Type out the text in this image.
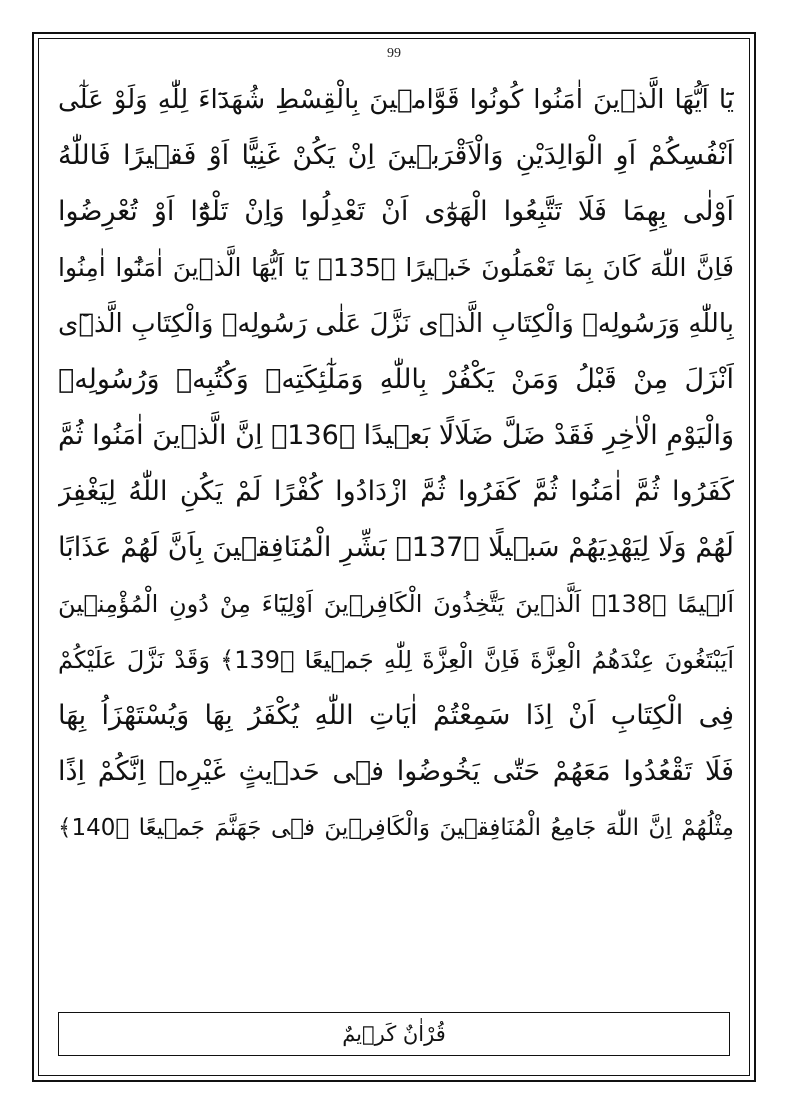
99
يَٓا اَيُّهَا الَّذٖينَ اٰمَنُوا كُونُوا قَوَّامٖينَ بِالْقِسْطِ شُهَدَٓاءَ لِلّٰهِ وَلَوْ عَلٰٓى
اَنْفُسِكُمْ اَوِ الْوَالِدَيْنِ وَالْاَقْرَبٖينَ اِنْ يَكُنْ غَنِيًّا اَوْ فَقٖيرًا فَاللّٰهُ
اَوْلٰى بِهِمَا فَلَا تَتَّبِعُوا الْهَوٰٓى اَنْ تَعْدِلُوا وَاِنْ تَلْوُٓا اَوْ تُعْرِضُوا
فَاِنَّ اللّٰهَ كَانَ بِمَا تَعْمَلُونَ خَبٖيرًا ﴿135﴾ يَٓا اَيُّهَا الَّذٖينَ اٰمَنُٓوا اٰمِنُوا
بِاللّٰهِ وَرَسُولِهٖ وَالْكِتَابِ الَّذٖى نَزَّلَ عَلٰى رَسُولِهٖ وَالْكِتَابِ الَّذٖٓى
اَنْزَلَ مِنْ قَبْلُ وَمَنْ يَكْفُرْ بِاللّٰهِ وَمَلٰٓئِكَتِهٖ وَكُتُبِهٖ وَرُسُولِهٖ
وَالْيَوْمِ الْاٰخِرِ فَقَدْ ضَلَّ ضَلَالًا بَعٖيدًا ﴿136﴾ اِنَّ الَّذٖينَ اٰمَنُوا ثُمَّ
كَفَرُوا ثُمَّ اٰمَنُوا ثُمَّ كَفَرُوا ثُمَّ ازْدَادُوا كُفْرًا لَمْ يَكُنِ اللّٰهُ لِيَغْفِرَ
لَهُمْ وَلَا لِيَهْدِيَهُمْ سَبٖيلًا ﴿137﴾ بَشِّرِ الْمُنَافِقٖينَ بِاَنَّ لَهُمْ عَذَابًا
اَلٖيمًا ﴿138﴾ اَلَّذٖينَ يَتَّخِذُونَ الْكَافِرٖينَ اَوْلِيَٓاءَ مِنْ دُونِ الْمُؤْمِنٖينَ
اَيَبْتَغُونَ عِنْدَهُمُ الْعِزَّةَ فَاِنَّ الْعِزَّةَ لِلّٰهِ جَمٖيعًا ﴿139﴾ وَقَدْ نَزَّلَ عَلَيْكُمْ
فِى الْكِتَابِ اَنْ اِذَا سَمِعْتُمْ اٰيَاتِ اللّٰهِ يُكْفَرُ بِهَا وَيُسْتَهْزَاُ بِهَا
فَلَا تَقْعُدُوا مَعَهُمْ حَتّٰى يَخُوضُوا فٖى حَدٖيثٍ غَيْرِهٖ اِنَّكُمْ اِذًا
مِثْلُهُمْ اِنَّ اللّٰهَ جَامِعُ الْمُنَافِقٖينَ وَالْكَافِرٖينَ فٖى جَهَنَّمَ جَمٖيعًا ﴿140﴾
قُرْاٰنٌ كَرٖيمٌ
